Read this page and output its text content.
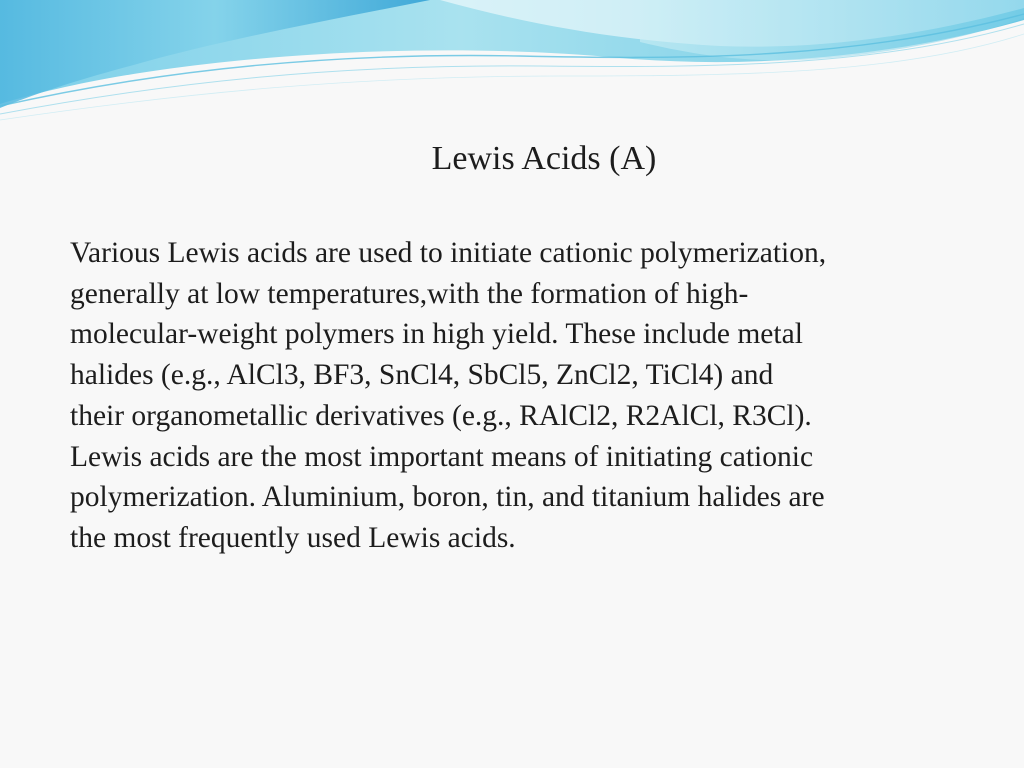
Lewis Acids (A)

Various Lewis acids are used to initiate cationic polymerization,
generally at low temperatures,with the formation of high-
molecular-weight polymers in high yield. These include metal
halides (e.g., AlCl3, BF3, SnCl4, SbCl5, ZnCl2, TiCl4) and
their organometallic derivatives (e.g., RAlCl2, R2AlCl, R3Cl).
Lewis acids are the most important means of initiating cationic
polymerization. Aluminium, boron, tin, and titanium halides are
the most frequently used Lewis acids.
